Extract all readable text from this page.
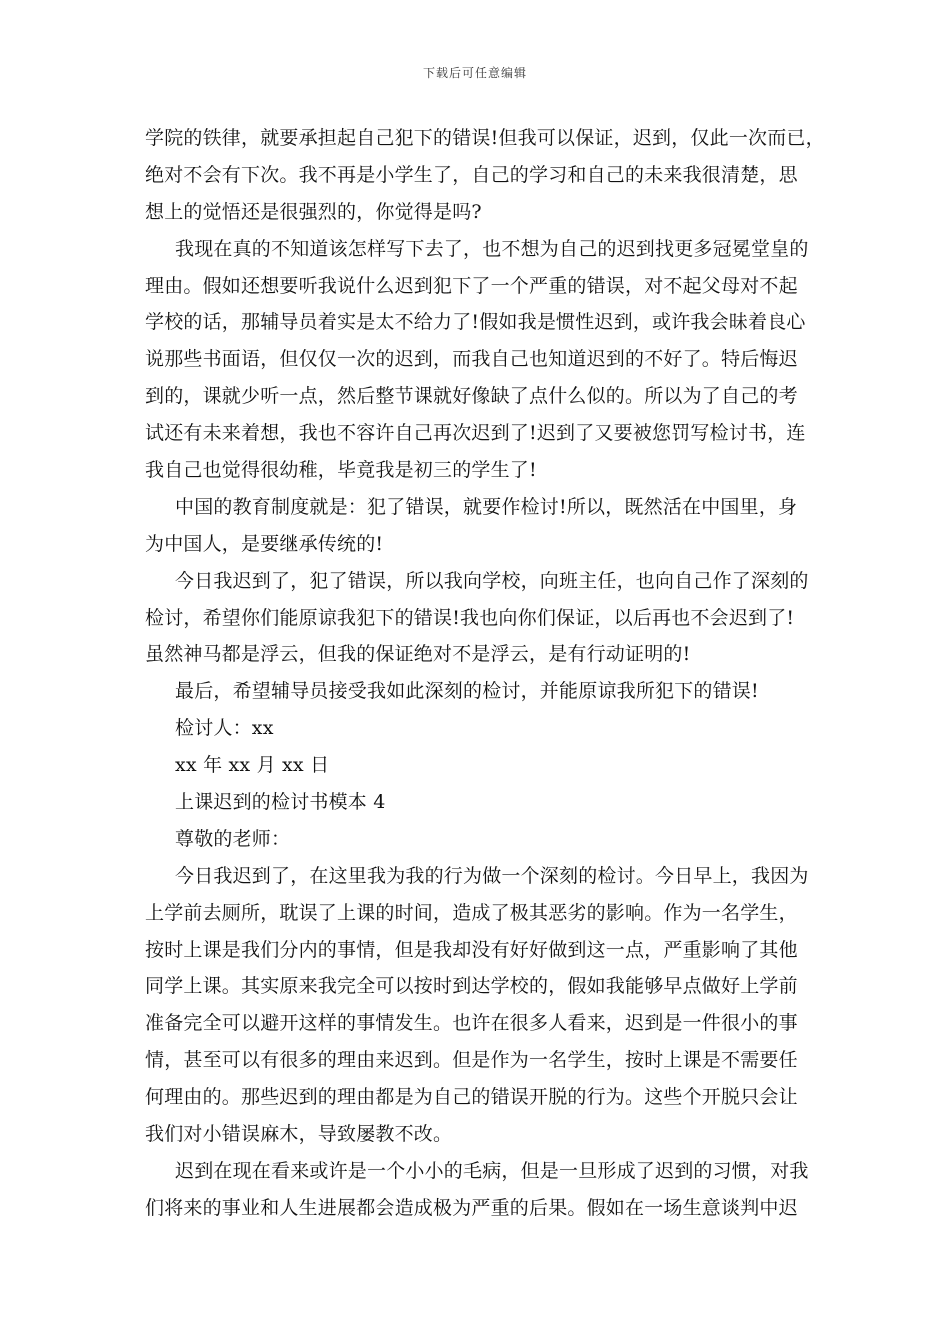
下载后可任意编辑
学院的铁律，就要承担起自己犯下的错误!但我可以保证，迟到，仅此一次而已，
绝对不会有下次。我不再是小学生了，自己的学习和自己的未来我很清楚，思
想上的觉悟还是很强烈的，你觉得是吗?
我现在真的不知道该怎样写下去了，也不想为自己的迟到找更多冠冕堂皇的
理由。假如还想要听我说什么迟到犯下了一个严重的错误，对不起父母对不起
学校的话，那辅导员着实是太不给力了!假如我是惯性迟到，或许我会昧着良心
说那些书面语，但仅仅一次的迟到，而我自己也知道迟到的不好了。特后悔迟
到的，课就少听一点，然后整节课就好像缺了点什么似的。所以为了自己的考
试还有未来着想，我也不容许自己再次迟到了!迟到了又要被您罚写检讨书，连
我自己也觉得很幼稚，毕竟我是初三的学生了!
中国的教育制度就是：犯了错误，就要作检讨!所以，既然活在中国里，身
为中国人，是要继承传统的!
今日我迟到了，犯了错误，所以我向学校，向班主任，也向自己作了深刻的
检讨，希望你们能原谅我犯下的错误!我也向你们保证，以后再也不会迟到了!
虽然神马都是浮云，但我的保证绝对不是浮云，是有行动证明的!
最后，希望辅导员接受我如此深刻的检讨，并能原谅我所犯下的错误!
检讨人：xx
xx 年 xx 月 xx 日
上课迟到的检讨书模本 4
尊敬的老师：
今日我迟到了，在这里我为我的行为做一个深刻的检讨。今日早上，我因为
上学前去厕所，耽误了上课的时间，造成了极其恶劣的影响。作为一名学生，
按时上课是我们分内的事情，但是我却没有好好做到这一点，严重影响了其他
同学上课。其实原来我完全可以按时到达学校的，假如我能够早点做好上学前
准备完全可以避开这样的事情发生。也许在很多人看来，迟到是一件很小的事
情，甚至可以有很多的理由来迟到。但是作为一名学生，按时上课是不需要任
何理由的。那些迟到的理由都是为自己的错误开脱的行为。这些个开脱只会让
我们对小错误麻木，导致屡教不改。
迟到在现在看来或许是一个小小的毛病，但是一旦形成了迟到的习惯，对我
们将来的事业和人生进展都会造成极为严重的后果。假如在一场生意谈判中迟
